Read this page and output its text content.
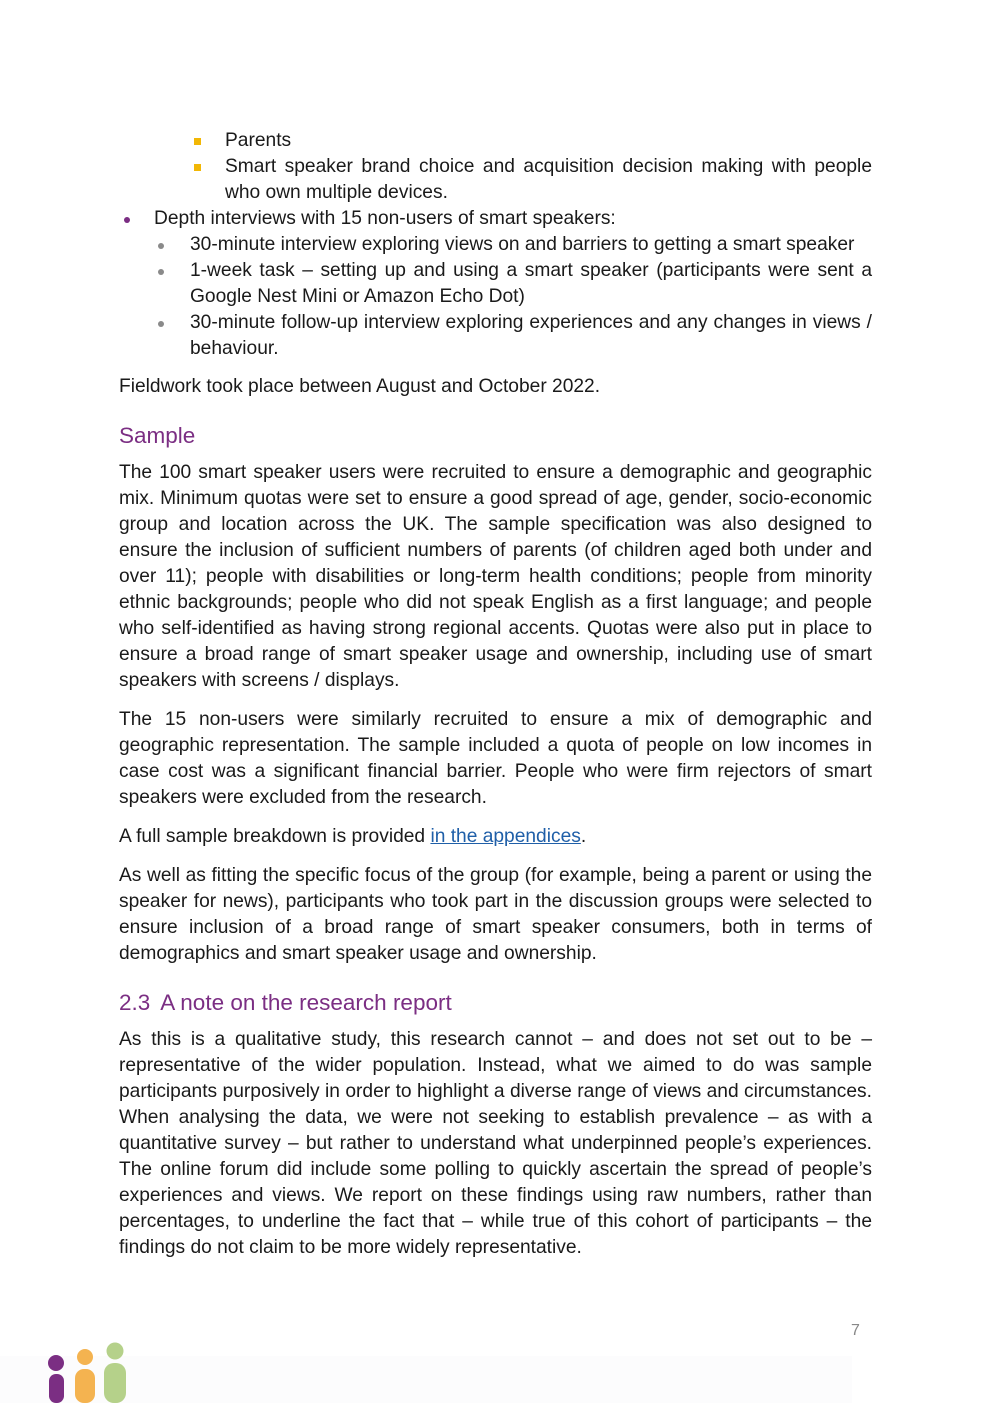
Parents
Smart speaker brand choice and acquisition decision making with people who own multiple devices.
Depth interviews with 15 non-users of smart speakers:
30-minute interview exploring views on and barriers to getting a smart speaker
1-week task – setting up and using a smart speaker (participants were sent a Google Nest Mini or Amazon Echo Dot)
30-minute follow-up interview exploring experiences and any changes in views / behaviour.

Fieldwork took place between August and October 2022.

Sample

The 100 smart speaker users were recruited to ensure a demographic and geographic mix. Minimum quotas were set to ensure a good spread of age, gender, socio-economic group and location across the UK. The sample specification was also designed to ensure the inclusion of sufficient numbers of parents (of children aged both under and over 11); people with disabilities or long-term health conditions; people from minority ethnic backgrounds; people who did not speak English as a first language; and people who self-identified as having strong regional accents. Quotas were also put in place to ensure a broad range of smart speaker usage and ownership, including use of smart speakers with screens / displays.

The 15 non-users were similarly recruited to ensure a mix of demographic and geographic representation. The sample included a quota of people on low incomes in case cost was a significant financial barrier. People who were firm rejectors of smart speakers were excluded from the research.

A full sample breakdown is provided in the appendices.

As well as fitting the specific focus of the group (for example, being a parent or using the speaker for news), participants who took part in the discussion groups were selected to ensure inclusion of a broad range of smart speaker consumers, both in terms of demographics and smart speaker usage and ownership.

2.3 A note on the research report

As this is a qualitative study, this research cannot – and does not set out to be – representative of the wider population. Instead, what we aimed to do was sample participants purposively in order to highlight a diverse range of views and circumstances. When analysing the data, we were not seeking to establish prevalence – as with a quantitative survey – but rather to understand what underpinned people’s experiences. The online forum did include some polling to quickly ascertain the spread of people’s experiences and views. We report on these findings using raw numbers, rather than percentages, to underline the fact that – while true of this cohort of participants – the findings do not claim to be more widely representative.

7
